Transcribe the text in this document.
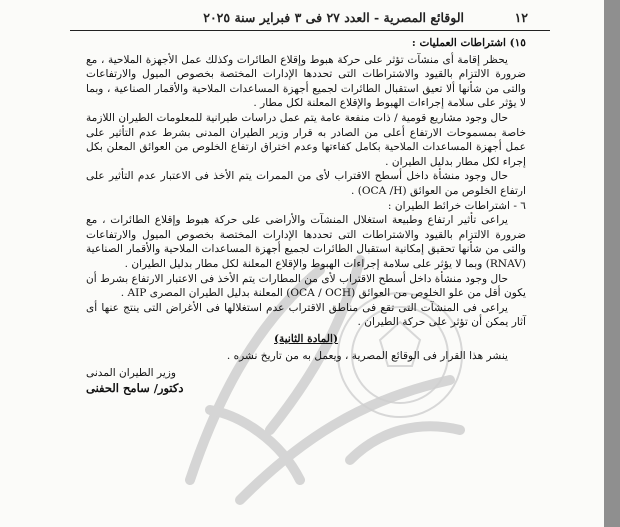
١٢
الوقائع المصرية - العدد ٢٧ فى ٣ فبراير سنة ٢٠٢٥

١٥) اشتراطات العمليات :

يحظر إقامة أى منشآت تؤثر على حركة هبوط وإقلاع الطائرات وكذلك عمل الأجهزة الملاحية ، مع ضرورة الالتزام بالقيود والاشتراطات التى تحددها الإدارات المختصة بخصوص الميول والارتفاعات والتى من شأنها ألا تعيق استقبال الطائرات لجميع أجهزة المساعدات الملاحية والأقمار الصناعية ، وبما لا يؤثر على سلامة إجراءات الهبوط والإقلاع المعلنة لكل مطار .

حال وجود مشاريع قومية / ذات منفعة عامة يتم عمل دراسات طيرانية للمعلومات الطيران اللازمة خاصة بمسموحات الارتفاع أعلى من الصادر به قرار وزير الطيران المدنى بشرط عدم التأثير على عمل أجهزة المساعدات الملاحية بكامل كفاءتها وعدم اختراق ارتفاع الخلوص من العوائق المعلن بكل إجراء لكل مطار بدليل الطيران .

حال وجود منشأة داخل أسطح الاقتراب لأى من الممرات يتم الأخذ فى الاعتبار عدم التأثير على ارتفاع الخلوص من العوائق (OCA /H) .

٦ - اشتراطات خرائط الطيران :

يراعى تأثير ارتفاع وطبيعة استغلال المنشآت والأراضى على حركة هبوط وإقلاع الطائرات ، مع ضرورة الالتزام بالقيود والاشتراطات التى تحددها الإدارات المختصة بخصوص الميول والارتفاعات والتى من شأنها تحقيق إمكانية استقبال الطائرات لجميع أجهزة المساعدات الملاحية والأقمار الصناعية (RNAV) وبما لا يؤثر على سلامة إجراءات الهبوط والإقلاع المعلنة لكل مطار بدليل الطيران .

حال وجود منشأة داخل أسطح الاقتراب لأى من المطارات يتم الأخذ فى الاعتبار الارتفاع بشرط أن يكون أقل من علو الخلوص من العوائق (OCA / OCH) المعلنة بدليل الطيران المصرى AIP .

يراعى فى المنشآت التى تقع فى مناطق الاقتراب عدم استغلالها فى الأغراض التى ينتج عنها أى آثار يمكن أن تؤثر على حركة الطيران .

(المادة الثانية)

ينشر هذا القرار فى الوقائع المصرية ، ويعمل به من تاريخ نشره .

وزير الطيران المدنى

دكتور/ سامح الحفنى
